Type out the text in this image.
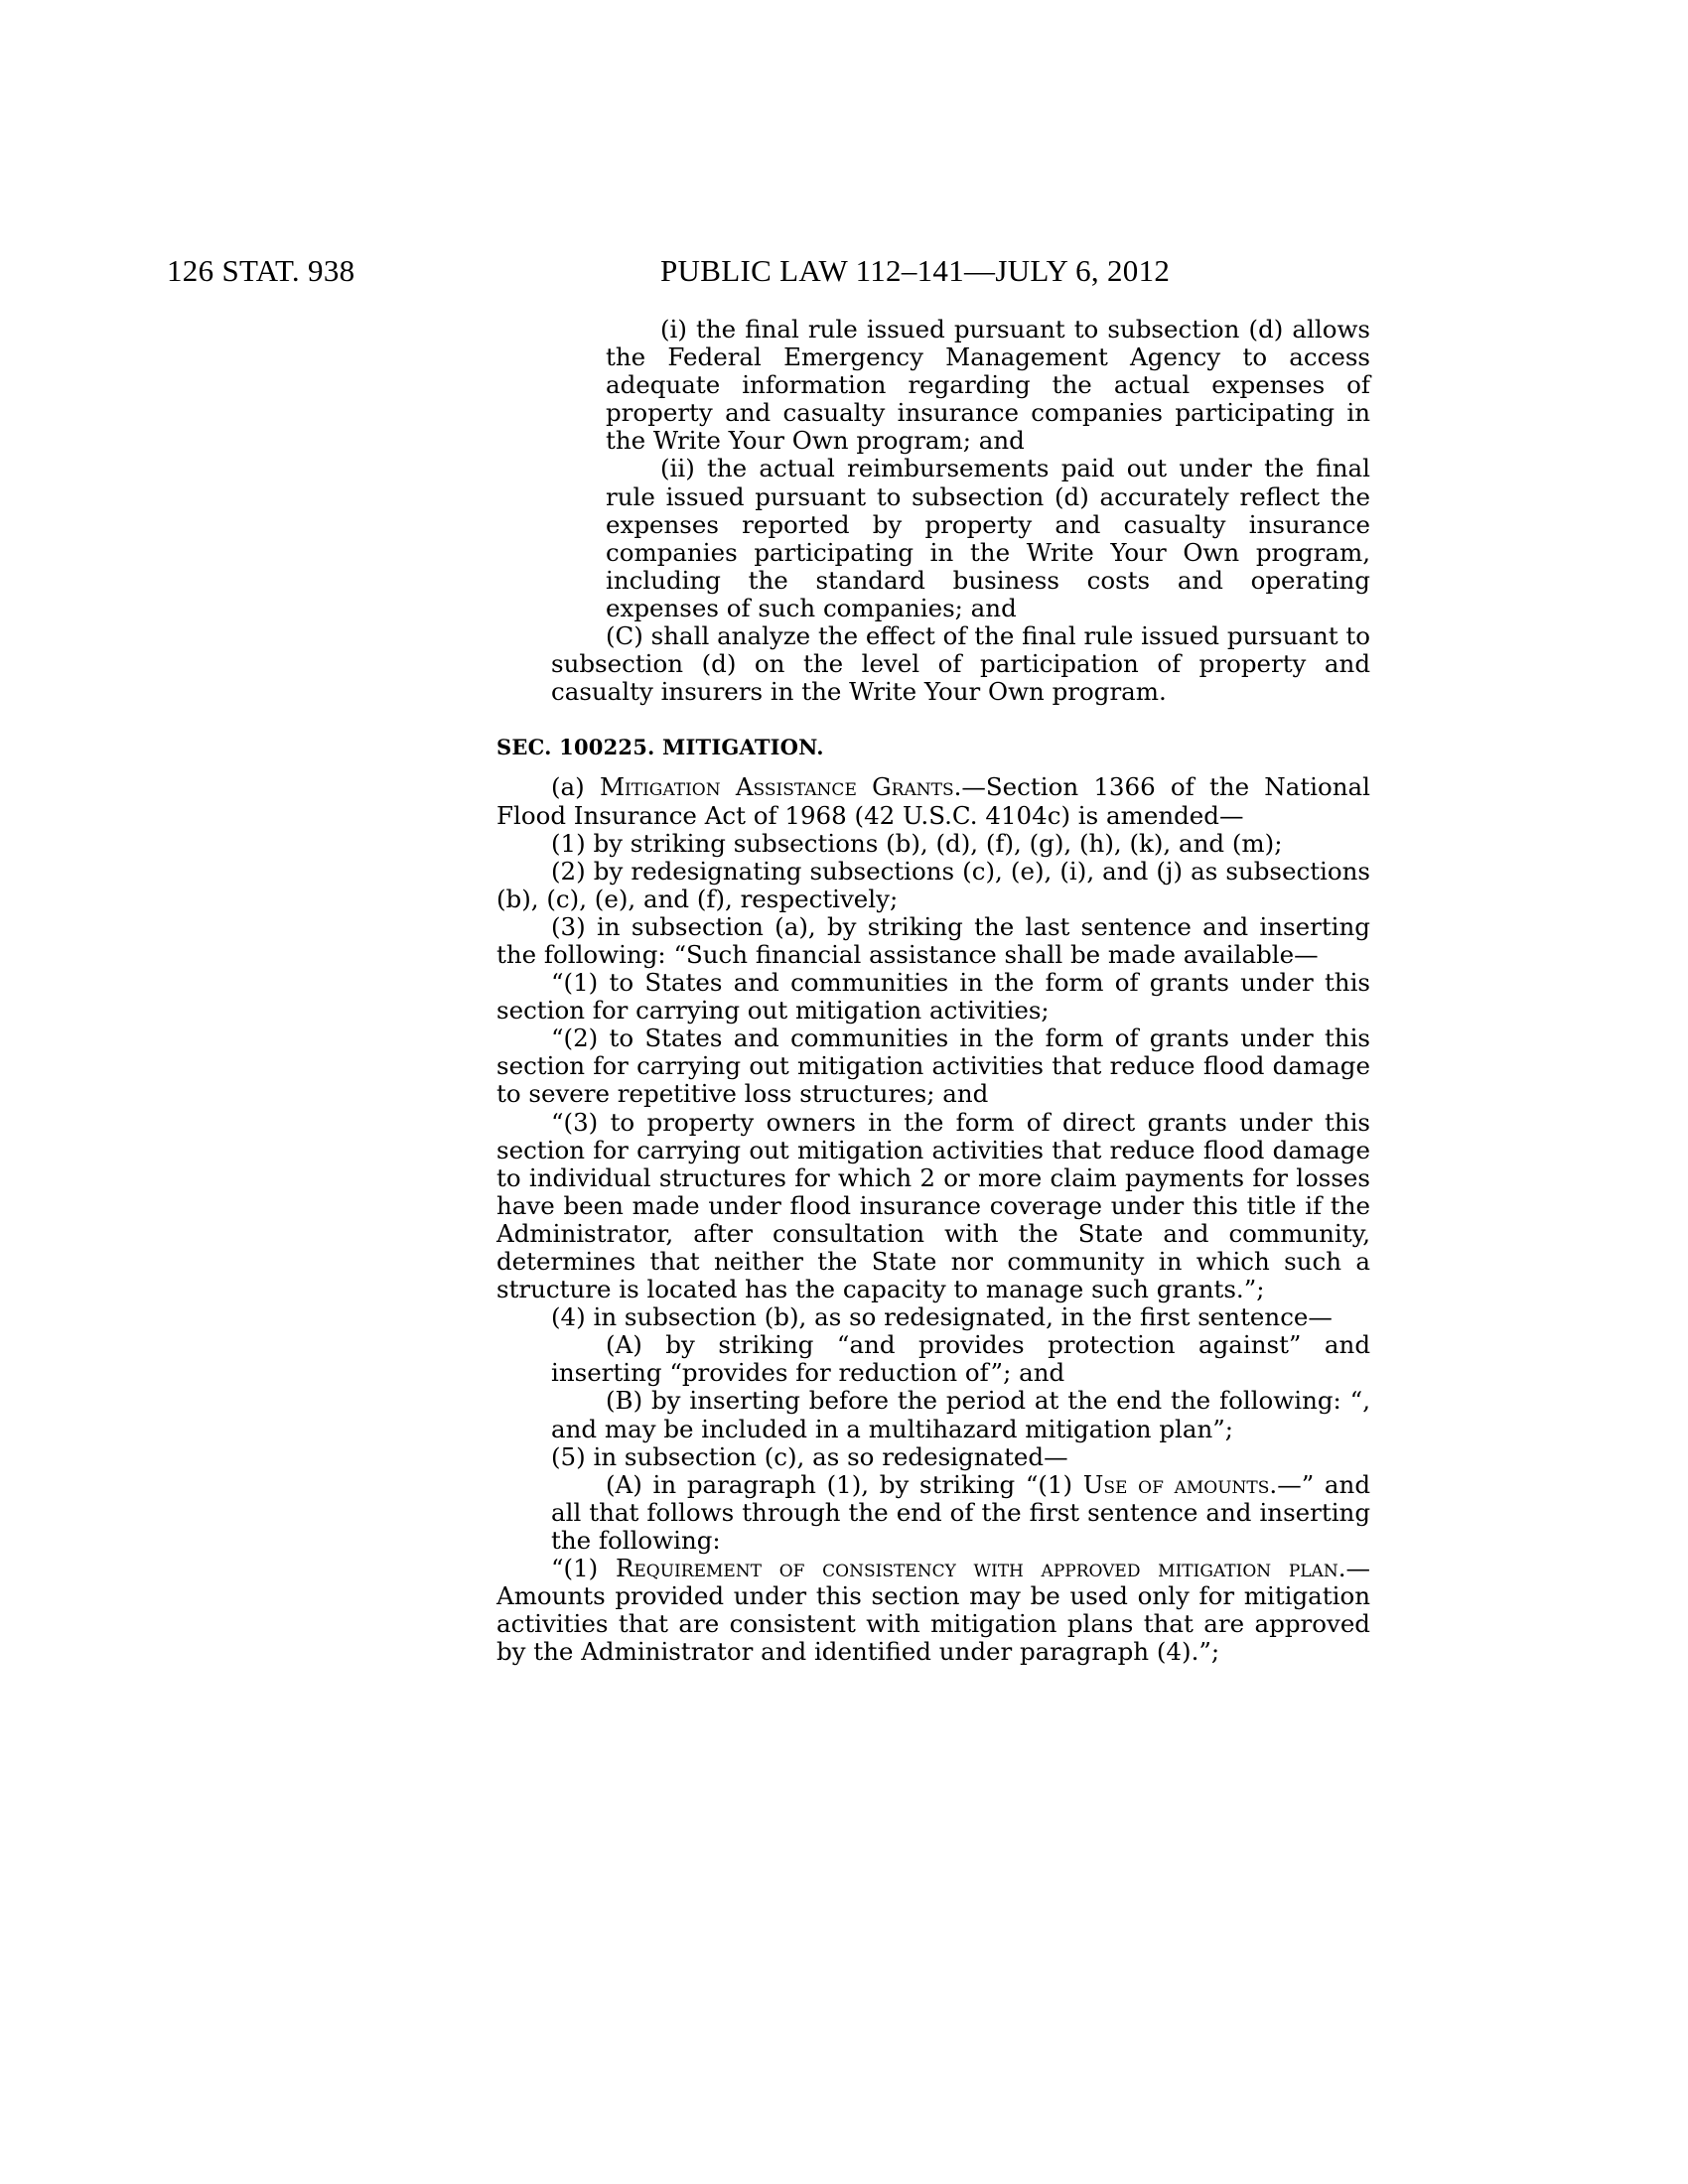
126 STAT. 938	PUBLIC LAW 112–141—JULY 6, 2012

(i) the final rule issued pursuant to subsection (d) allows the Federal Emergency Management Agency to access adequate information regarding the actual expenses of property and casualty insurance companies participating in the Write Your Own program; and

(ii) the actual reimbursements paid out under the final rule issued pursuant to subsection (d) accurately reflect the expenses reported by property and casualty insurance companies participating in the Write Your Own program, including the standard business costs and operating expenses of such companies; and

(C) shall analyze the effect of the final rule issued pursuant to subsection (d) on the level of participation of property and casualty insurers in the Write Your Own program.

SEC. 100225. MITIGATION.

(a) Mitigation Assistance Grants.—Section 1366 of the National Flood Insurance Act of 1968 (42 U.S.C. 4104c) is amended—

(1) by striking subsections (b), (d), (f), (g), (h), (k), and (m);

(2) by redesignating subsections (c), (e), (i), and (j) as subsections (b), (c), (e), and (f), respectively;

(3) in subsection (a), by striking the last sentence and inserting the following: “Such financial assistance shall be made available—

“(1) to States and communities in the form of grants under this section for carrying out mitigation activities;

“(2) to States and communities in the form of grants under this section for carrying out mitigation activities that reduce flood damage to severe repetitive loss structures; and

“(3) to property owners in the form of direct grants under this section for carrying out mitigation activities that reduce flood damage to individual structures for which 2 or more claim payments for losses have been made under flood insurance coverage under this title if the Administrator, after consultation with the State and community, determines that neither the State nor community in which such a structure is located has the capacity to manage such grants.”;

(4) in subsection (b), as so redesignated, in the first sentence—

(A) by striking “and provides protection against” and inserting “provides for reduction of”; and

(B) by inserting before the period at the end the following: “, and may be included in a multihazard mitigation plan”;

(5) in subsection (c), as so redesignated—

(A) in paragraph (1), by striking “(1) Use of amounts.—” and all that follows through the end of the first sentence and inserting the following:

“(1) Requirement of consistency with approved mitigation plan.—Amounts provided under this section may be used only for mitigation activities that are consistent with mitigation plans that are approved by the Administrator and identified under paragraph (4).”;
